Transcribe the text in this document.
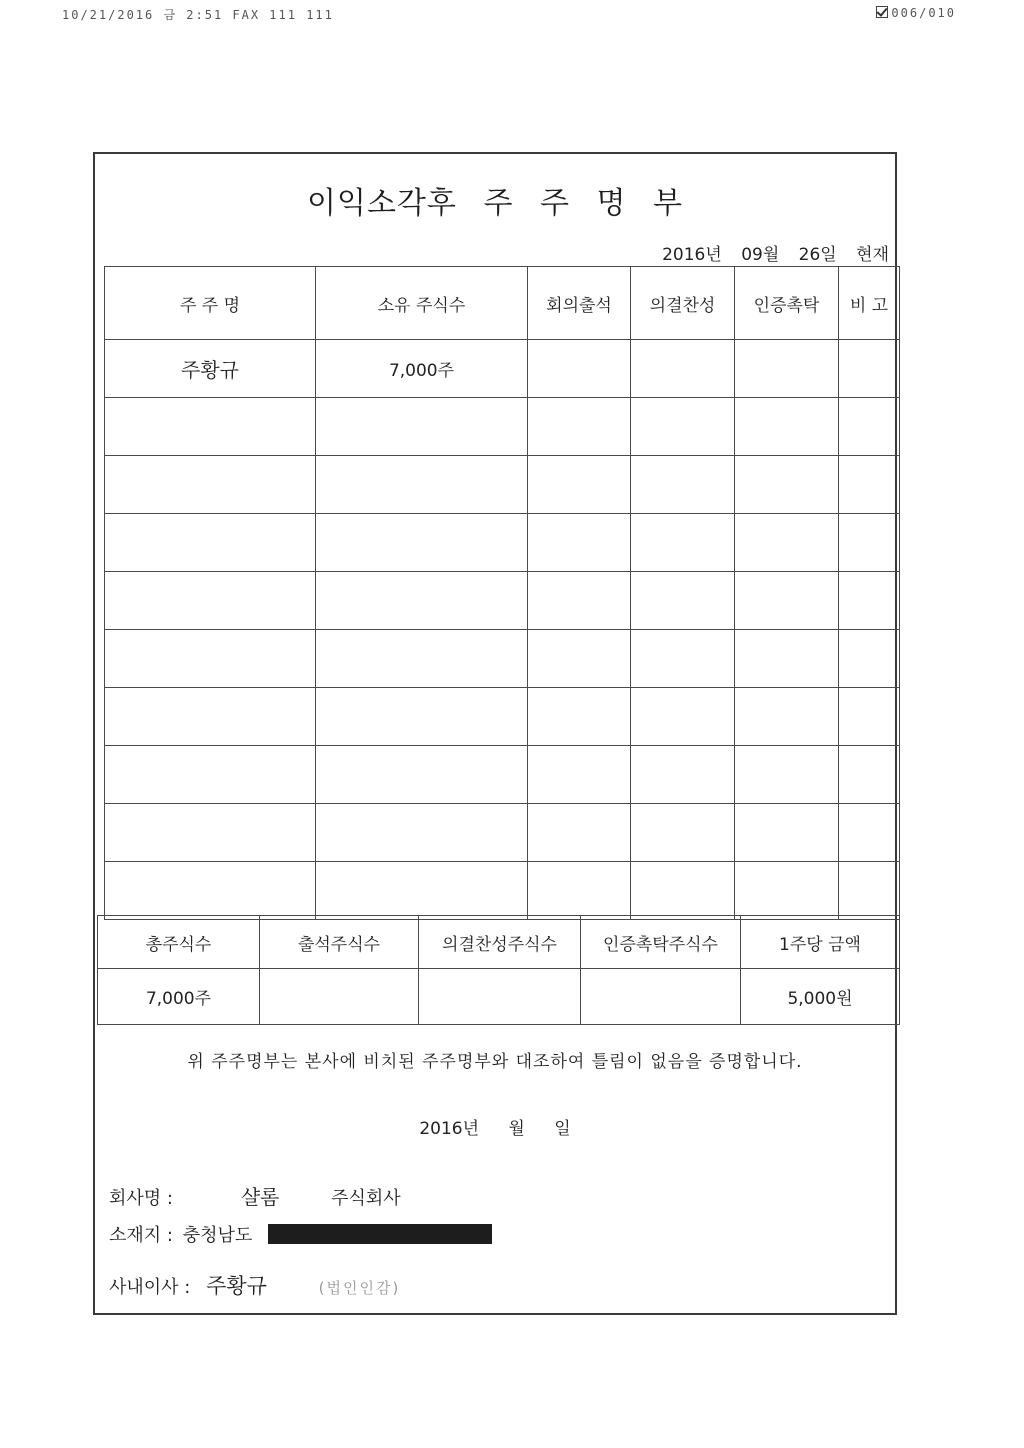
10/21/2016 금 2:51 FAX 111 111	006/010
이익소각후 주 주 명 부
2016년 09월 26일 현재
주 주 명	소유 주식수	회의출석	의결찬성	인증촉탁	비 고
주황규	7,000주				

총주식수	출석주식수	의결찬성주식수	인증촉탁주식수	1주당 금액
7,000주				5,000원
위 주주명부는 본사에 비치된 주주명부와 대조하여 틀림이 없음을 증명합니다.
2016년 월 일
회사명 :	샬롬	주식회사
소재지 : 충청남도
사내이사 : 주황규	(법인인감)
